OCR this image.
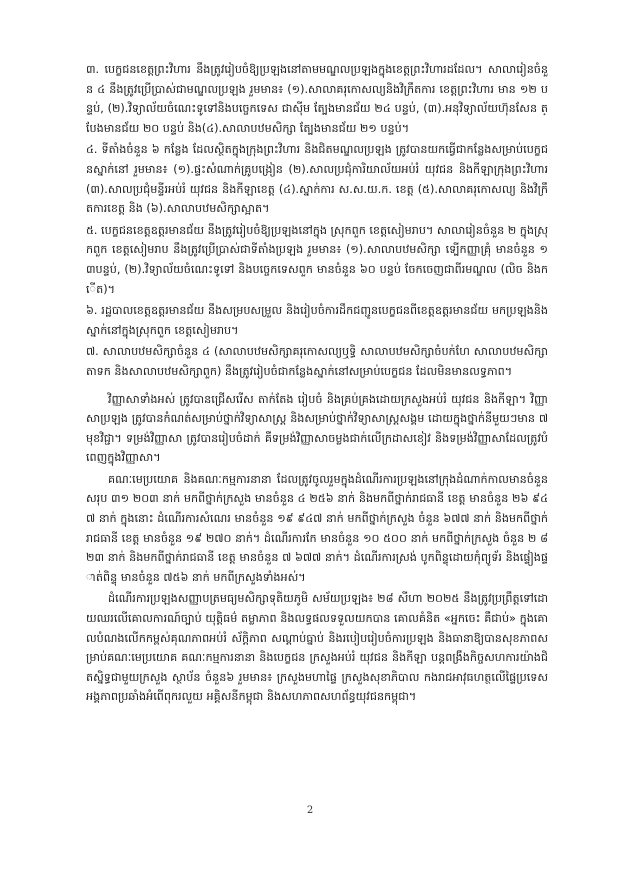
៣. បេក្ខជនខេត្តព្រះវិហារ នឹងត្រូវរៀបចំឱ្យប្រឡងនៅតាមមណ្ឌលប្រឡងក្នុងខេត្តព្រះវិហារដដែល។ សាលារៀនចំនួន ៤ នឹងត្រូវប្រើប្រាស់ជាមណ្ឌលប្រឡង រួមមាន៖ (១).សាលាគរុកោសល្យនិងវិក្រឹតការ ខេត្តព្រះវិហារ មាន ១២ បន្ទប់, (២).វិទ្យាល័យចំណេះទូទៅនិងបច្ចេកទេស ជាស៊ីម ត្បែងមានជ័យ ២៤ បន្ទប់, (៣).អនុវិទ្យាល័យហ៊ុនសែន ត្បែងមានជ័យ ២០ បន្ទប់ និង(៤).សាលាបឋមសិក្សា ត្បែងមានជ័យ ២១ បន្ទប់។

៤. ទីតាំងចំនួន ៦ កន្លែង ដែលស្ថិតក្នុងក្រុងព្រះវិហារ និងជិតមណ្ឌលប្រឡង ត្រូវបានយកធ្វើជាកន្លែងសម្រាប់បេក្ខជនស្នាក់នៅ រួមមាន៖ (១).ផ្ទះសំណាក់គ្រូបង្រៀន (២).សាលប្រជុំការិយាល័យអប់រំ យុវជន និងកីឡាក្រុងព្រះវិហារ (៣).សាលប្រជុំមន្ទីរអប់រំ យុវជន និងកីឡាខេត្ត (៤).ស្នាក់ការ ស.ស.យ.ក. ខេត្ត (៥).សាលាគរុកោសល្យ និងវិក្រឹតការខេត្ត និង (៦).សាលាបឋមសិក្សាស្អាត។

៥. បេក្ខជនខេត្តឧត្តរមានជ័យ នឹងត្រូវរៀបចំឱ្យប្រឡងនៅក្នុង ស្រុកពួក ខេត្តសៀមរាប។ សាលារៀនចំនួន ២ ក្នុងស្រុកពួក ខេត្តសៀមរាប នឹងត្រូវប្រើប្រាស់ជាទីតាំងប្រឡង រួមមាន៖ (១).សាលាបឋមសិក្សា ទ្បើកញ្ញាគ្រុំ មានចំនួន ១៣បន្ទប់, (២).វិទ្យាល័យចំណេះទូទៅ និងបច្ចេកទេសពួក មានចំនួន ៦០ បន្ទប់ ចែកចេញជាពីរមណ្ឌល (លិច និងកើត)។

៦. រដ្ឋបាលខេត្តឧត្តរមានជ័យ នឹងសម្របសម្រួល និងរៀបចំការដឹកជញ្ជូនបេក្ខជនពីខេត្តឧត្តរមានជ័យ មកប្រឡងនិងស្នាក់នៅក្នុងស្រុកពួក ខេត្តសៀមរាប។

៧. សាលាបឋមសិក្សាចំនួន ៤ (សាលាបឋមសិក្សាគរុកោសល្យឬទ្ធិ សាលាបឋមសិក្សាចំបក់ហែ សាលាបឋមសិក្សាតាទក និងសាលាបឋមសិក្សាពួក) នឹងត្រូវរៀបចំជាកន្លែងស្នាក់នៅសម្រាប់បេក្ខជន ដែលមិនមានលទ្ធភាព។

វិញ្ញាសាទាំងអស់ ត្រូវបានជ្រើសរើស តាក់តែង រៀបចំ និងគ្រប់គ្រងដោយក្រសួងអប់រំ យុវជន និងកីឡា។ វិញ្ញាសាប្រឡង ត្រូវបានកំណត់សម្រាប់ថ្នាក់វិទ្យាសាស្ត្រ និងសម្រាប់ថ្នាក់វិទ្យាសាស្ត្រសង្គម ដោយក្នុងថ្នាក់នីមួយៗមាន ៧ មុខវិជ្ជា។ ទម្រង់វិញ្ញាសា ត្រូវបានរៀបចំដាក់ គឺទម្រង់វិញ្ញាសាចម្លងជាក់លើក្រដាសខៀវ និងទម្រង់វិញ្ញាសាដែលត្រូវបំពេញក្នុងវិញ្ញាសា។

គណៈមេប្រយោគ និងគណៈកម្មការនានា ដែលត្រូវចូលរួមក្នុងដំណើរការប្រឡងនៅក្រុងដំណាក់កាលមានចំនួនសរុប ៣១ ២០៣ នាក់ មកពីថ្នាក់ក្រសួង មានចំនួន ៤ ២៥៦ នាក់ និងមកពីថ្នាក់រាជធានី ខេត្ត មានចំនួន ២៦ ៩៤៧ នាក់ ក្នុងនោះ ដំណើរការសំណេរ មានចំនួន ១៩ ៩៤៧ នាក់ មកពីថ្នាក់ក្រសួង ចំនួន ៦៧៧ នាក់ និងមកពីថ្នាក់រាជធានី ខេត្ត មានចំនួន ១៩ ២៧០ នាក់។ ដំណើរការកែ មានចំនួន ១០ ៥០០ នាក់ មកពីថ្នាក់ក្រសួង ចំនួន ២ ៨២៣ នាក់ និងមកពីថ្នាក់រាជធានី ខេត្ត មានចំនួន ៧ ៦៧៧ នាក់។ ដំណើរការស្រង់ បូកពិន្ទុដោយកុំព្យូទ័រ និងផ្ទៀងផ្ទាត់ពិន្ទុ មានចំនួន ៧៥៦ នាក់ មកពីក្រសួងទាំងអស់។

ដំណើរការប្រឡងសញ្ញាបត្រមធ្យមសិក្សាទុតិយភូមិ សម័យប្រឡង៖ ២៨ សីហា ២០២៥ នឹងត្រូវប្រព្រឹត្តទៅដោយឈរលើគោលការណ៍ច្បាប់ យុត្តិធម៌ តម្លាភាព និងលទ្ធផលទទួលយកបាន គោលគំនិត «អ្នកចេះ គឺជាប់» ក្នុងគោលបំណងលើកកម្ពស់គុណភាពអប់រំ ស័ក្តិភាព សណ្តាប់ធ្នាប់ និងរបៀបរៀបចំការប្រឡង និងធានាឱ្យបានសុខភាពសម្រាប់គណៈមេប្រយោគ គណៈកម្មការនានា និងបេក្ខជន ក្រសួងអប់រំ យុវជន និងកីឡា បន្តពង្រឹងកិច្ចសហការយ៉ាងជិតស្និទ្ធជាមួយក្រសួង ស្ថាប័ន ចំនួន៦ រួមមាន៖ ក្រសួងមហាផ្ទៃ ក្រសួងសុខាភិបាល កងរាជអាវុធហត្ថលើផ្ទៃប្រទេស អង្គភាពប្រឆាំងអំពើពុករលួយ អគ្គិសនីកម្ពុជា និងសហភាពសហព័ន្ធយុវជនកម្ពុជា។

2
